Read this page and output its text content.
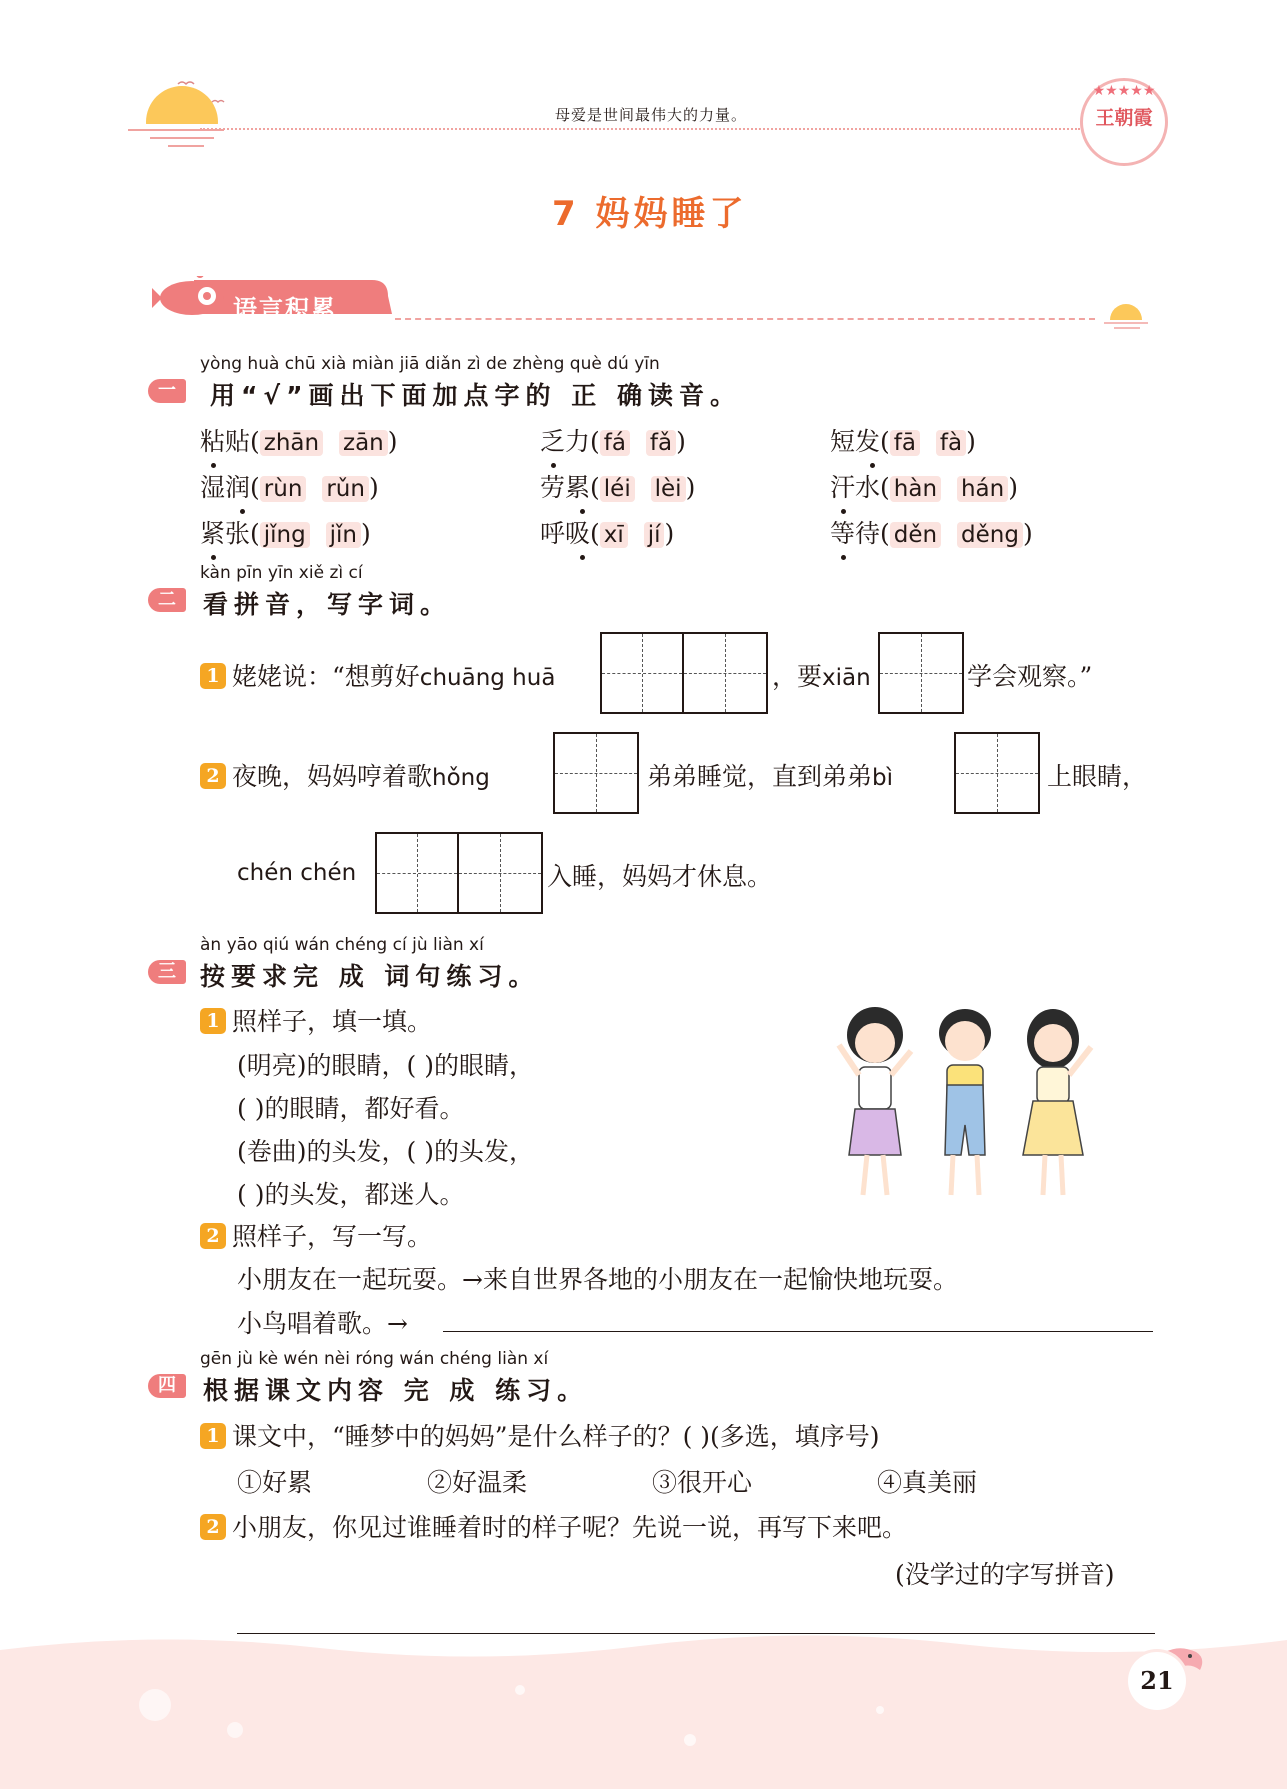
母爱是世间最伟大的力量。
★★★★★
王朝霞
7 妈妈睡了
语言积累
yòng huà chū xià miàn jiā diǎn zì de zhèng què dú yīn
一	用“√”画出下面加点字的 正 确读音。
粘贴( zhān zān )	乏力( fá fǎ )	短发( fā fà )
湿润( rùn rǔn )	劳累( léi lèi )	汗水( hàn hán )
紧张( jǐng jǐn )	呼吸( xī jí )	等待( děn děng )
kàn pīn yīn xiě zì cí
二	看拼音，写字词。
1 姥姥说：“想剪好chuāng huā	，要xiān	学会观察。”
2 夜晚，妈妈哼着歌hǒng	弟弟睡觉，直到弟弟bì	上眼睛，
chén chén	入睡，妈妈才休息。
àn yāo qiú wán chéng cí jù liàn xí
三 按要求完 成 词句练习。
1 照样子，填一填。
(明亮)的眼睛，( )的眼睛，
( )的眼睛，都好看。
(卷曲)的头发，( )的头发，
( )的头发，都迷人。
2 照样子，写一写。
小朋友在一起玩耍。→来自世界各地的小朋友在一起愉快地玩耍。
小鸟唱着歌。→
gēn jù kè wén nèi róng wán chéng liàn xí
四	根据课文内容 完 成 练习。
1 课文中，“睡梦中的妈妈”是什么样子的？( )(多选，填序号)
①好累	②好温柔	③很开心	④真美丽
2 小朋友，你见过谁睡着时的样子呢？先说一说，再写下来吧。
(没学过的字写拼音)
21
